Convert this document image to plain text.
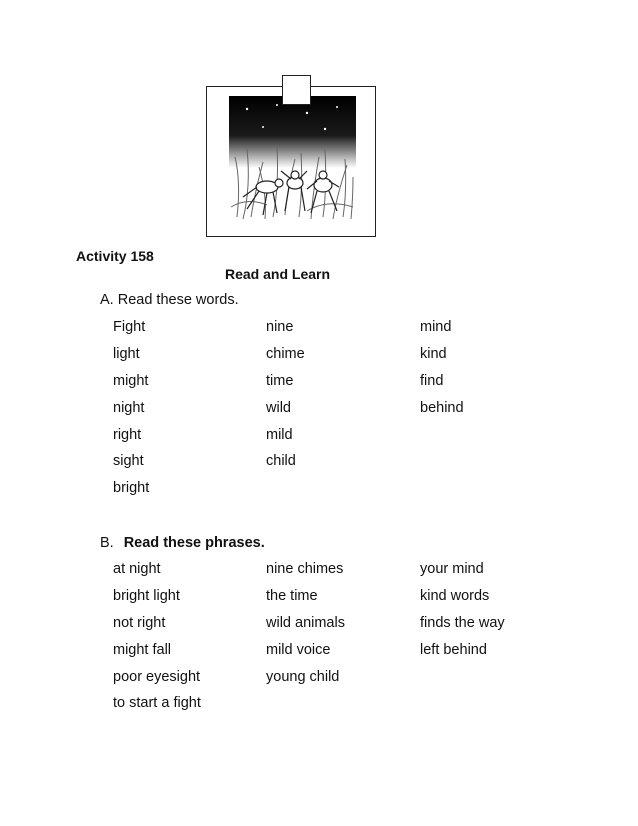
Activity 158
Read and Learn
A. Read these words.
Fight
light
might
night
right
sight
bright
nine
chime
time
wild
mild
child
mind
kind
find
behind
B. Read these phrases.
at night
bright light
not right
might fall
poor eyesight
to start a fight
nine chimes
the time
wild animals
mild voice
young child
your mind
kind words
finds the way
left behind
